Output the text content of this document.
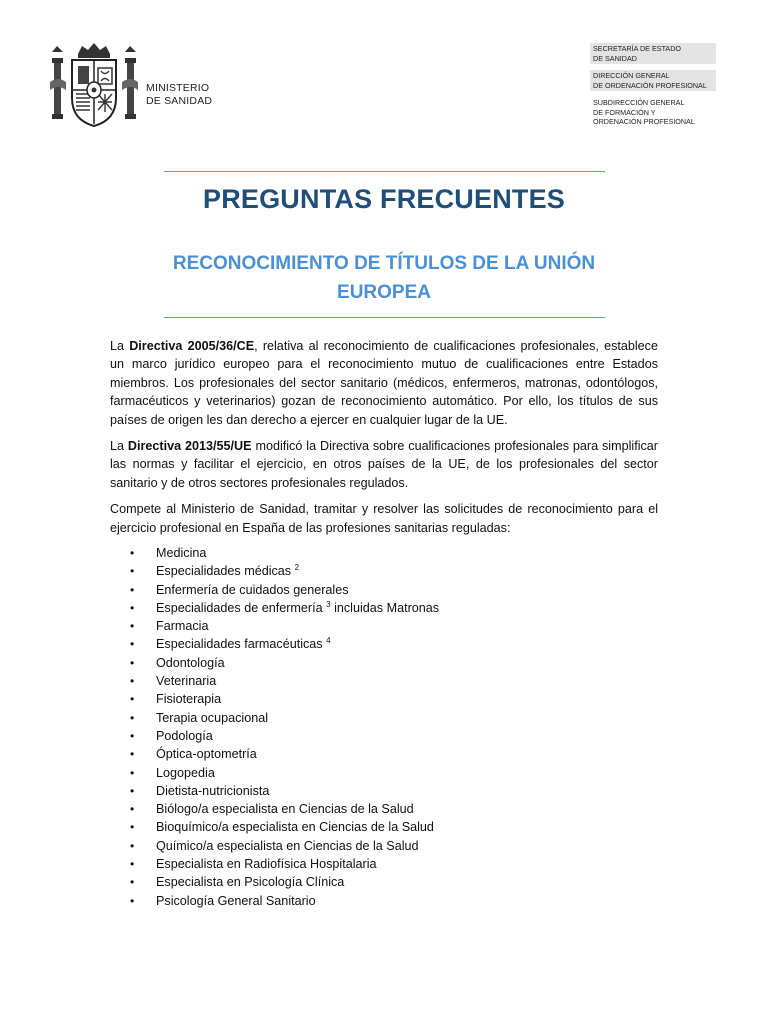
MINISTERIO
DE SANIDAD
SECRETARÍA DE ESTADO
DE SANIDAD
DIRECCIÓN GENERAL
DE ORDENACIÓN PROFESIONAL
SUBDIRECCIÓN GENERAL
DE FORMACIÓN Y
ORDENACIÓN PROFESIONAL
PREGUNTAS FRECUENTES
RECONOCIMIENTO DE TÍTULOS DE LA UNIÓN
EUROPEA

La Directiva 2005/36/CE, relativa al reconocimiento de cualificaciones profesionales, establece un marco jurídico europeo para el reconocimiento mutuo de cualificaciones entre Estados miembros. Los profesionales del sector sanitario (médicos, enfermeros, matronas, odontólogos, farmacéuticos y veterinarios) gozan de reconocimiento automático. Por ello, los títulos de sus países de origen les dan derecho a ejercer en cualquier lugar de la UE.

La Directiva 2013/55/UE modificó la Directiva sobre cualificaciones profesionales para simplificar las normas y facilitar el ejercicio, en otros países de la UE, de los profesionales del sector sanitario y de otros sectores profesionales regulados.

Compete al Ministerio de Sanidad, tramitar y resolver las solicitudes de reconocimiento para el ejercicio profesional en España de las profesiones sanitarias reguladas:

• Medicina
• Especialidades médicas $^2$
• Enfermería de cuidados generales
• Especialidades de enfermería $^3$ incluidas Matronas
• Farmacia
• Especialidades farmacéuticas $^4$
• Odontología
• Veterinaria
• Fisioterapia
• Terapia ocupacional
• Podología
• Óptica-optometría
• Logopedia
• Dietista-nutricionista
• Biólogo/a especialista en Ciencias de la Salud
• Bioquímico/a especialista en Ciencias de la Salud
• Químico/a especialista en Ciencias de la Salud
• Especialista en Radiofísica Hospitalaria
• Especialista en Psicología Clínica
• Psicología General Sanitario
